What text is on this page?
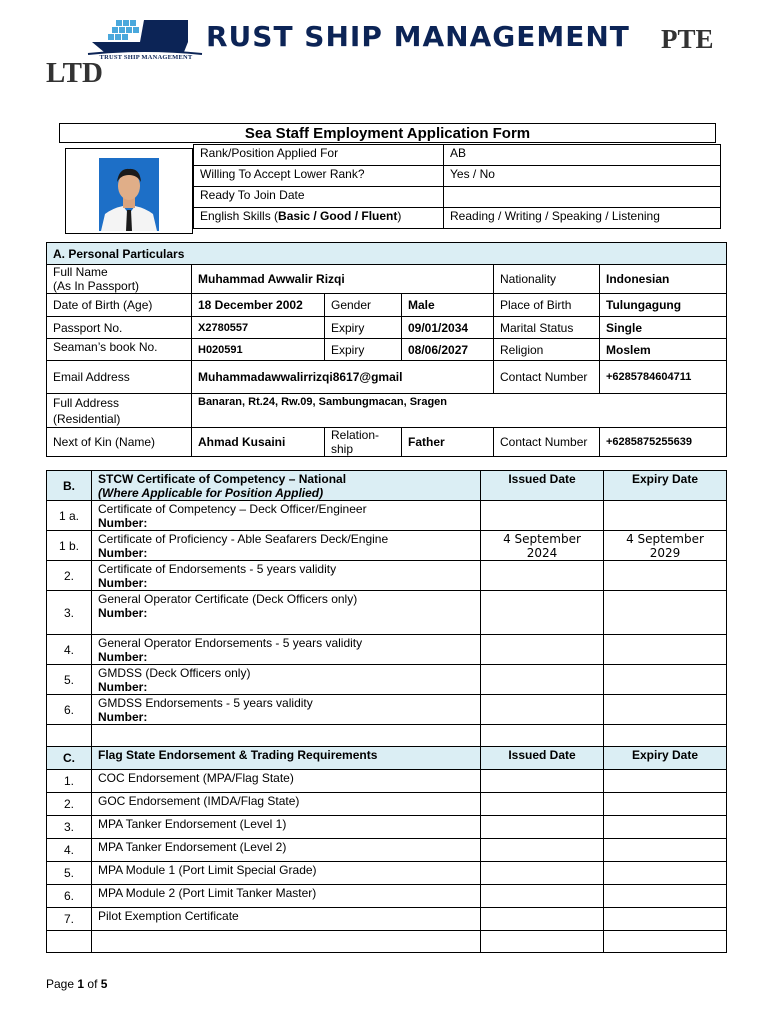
TRUST SHIP MANAGEMENT
RUST SHIP MANAGEMENT PTE
LTD
Sea Staff Employment Application Form
Rank/Position Applied For	AB
Willing To Accept Lower Rank?	Yes / No
Ready To Join Date	
English Skills (Basic / Good / Fluent)	Reading / Writing / Speaking / Listening
A. Personal Particulars					
Full Name
(As In Passport)	Muhammad Awwalir Rizqi			Nationality	Indonesian
Date of Birth (Age)	18 December 2002	Gender	Male	Place of Birth	Tulungagung
Passport No.	X2780557	Expiry	09/01/2034	Marital Status	Single
Seaman’s book No.	H020591	Expiry	08/06/2027	Religion	Moslem
Email Address	Muhammadawwalirrizqi8617@gmail			Contact Number	+6285784604711
Full Address
(Residential)	Banaran, Rt.24, Rw.09, Sambungmacan, Sragen				
Next of Kin (Name)	Ahmad Kusaini	Relation-
ship	Father	Contact Number	+6285875255639
B.	STCW Certificate of Competency – National
(Where Applicable for Position Applied)	Issued Date	Expiry Date
1 a.	Certificate of Competency – Deck Officer/Engineer
Number:		

1 b.	Certificate of Proficiency - Able Seafarers Deck/Engine
Number:	4 September 2024	4 September 2029
2.	Certificate of Endorsements - 5 years validity
Number:		

3.	General Operator Certificate (Deck Officers only)
Number:		

4.	General Operator Endorsements - 5 years validity
Number:		

5.	GMDSS (Deck Officers only)
Number:		

6.	GMDSS Endorsements - 5 years validity
Number:		

C.	Flag State Endorsement & Trading Requirements	Issued Date	Expiry Date
1.	COC Endorsement (MPA/Flag State)		
2.	GOC Endorsement (IMDA/Flag State)		
3.	MPA Tanker Endorsement (Level 1)		
4.	MPA Tanker Endorsement (Level 2)		
5.	MPA Module 1 (Port Limit Special Grade)		
6.	MPA Module 2 (Port Limit Tanker Master)		
7.	Pilot Exemption Certificate		

Page 1 of 5
